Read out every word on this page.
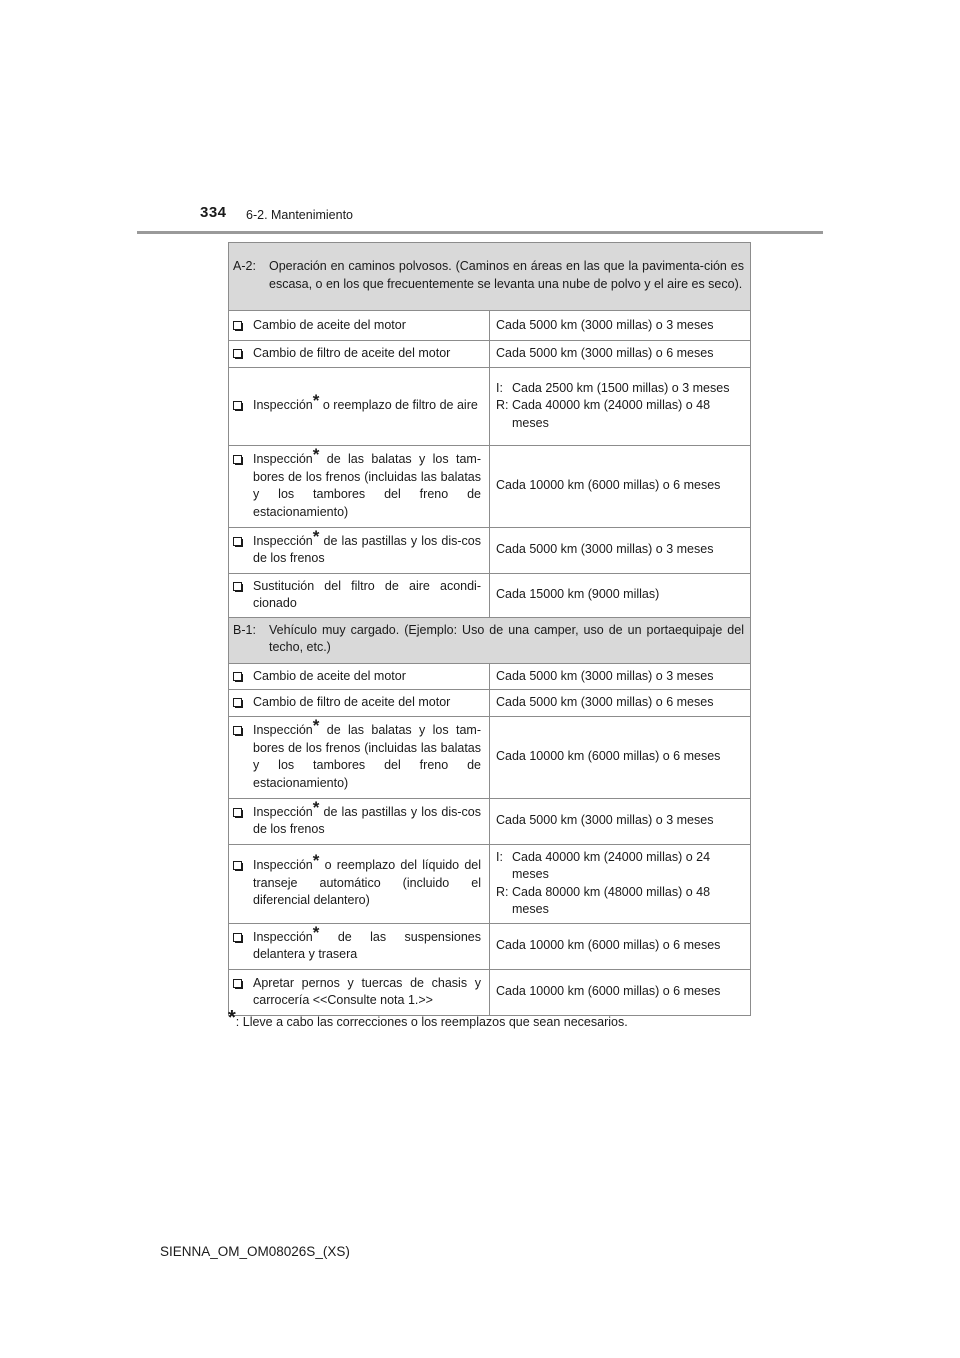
334 6-2. Mantenimiento
A-2: Operación en caminos polvosos. (Caminos en áreas en las que la pavimenta-ción es escasa, o en los que frecuentemente se levanta una nube de polvo y el aire es seco).	

Cambio de aceite del motor	Cada 5000 km (3000 millas) o 3 meses

Cambio de filtro de aceite del motor	Cada 5000 km (3000 millas) o 6 meses

Inspección* o reemplazo de filtro de aire	I: Cada 2500 km (1500 millas) o 3 meses
R: Cada 40000 km (24000 millas) o 48 meses

Inspección* de las balatas y los tam-bores de los frenos (incluidas las balatas y los tambores del freno de estacionamiento)	Cada 10000 km (6000 millas) o 6 meses

Inspección* de las pastillas y los dis-cos de los frenos	Cada 5000 km (3000 millas) o 3 meses

Sustitución del filtro de aire acondi-cionado	Cada 15000 km (9000 millas)

B-1: Vehículo muy cargado. (Ejemplo: Uso de una camper, uso de un portaequipaje del techo, etc.)	

Cambio de aceite del motor	Cada 5000 km (3000 millas) o 3 meses

Cambio de filtro de aceite del motor	Cada 5000 km (3000 millas) o 6 meses

Inspección* de las balatas y los tam-bores de los frenos (incluidas las balatas y los tambores del freno de estacionamiento)	Cada 10000 km (6000 millas) o 6 meses

Inspección* de las pastillas y los dis-cos de los frenos	Cada 5000 km (3000 millas) o 3 meses

Inspección* o reemplazo del líquido del transeje automático (incluido el diferencial delantero)	I: Cada 40000 km (24000 millas) o 24 meses
R: Cada 80000 km (48000 millas) o 48 meses

Inspección* de las suspensiones delantera y trasera	Cada 10000 km (6000 millas) o 6 meses

Apretar pernos y tuercas de chasis y carrocería <<Consulte nota 1.>>	Cada 10000 km (6000 millas) o 6 meses
*: Lleve a cabo las correcciones o los reemplazos que sean necesarios.
SIENNA_OM_OM08026S_(XS)
